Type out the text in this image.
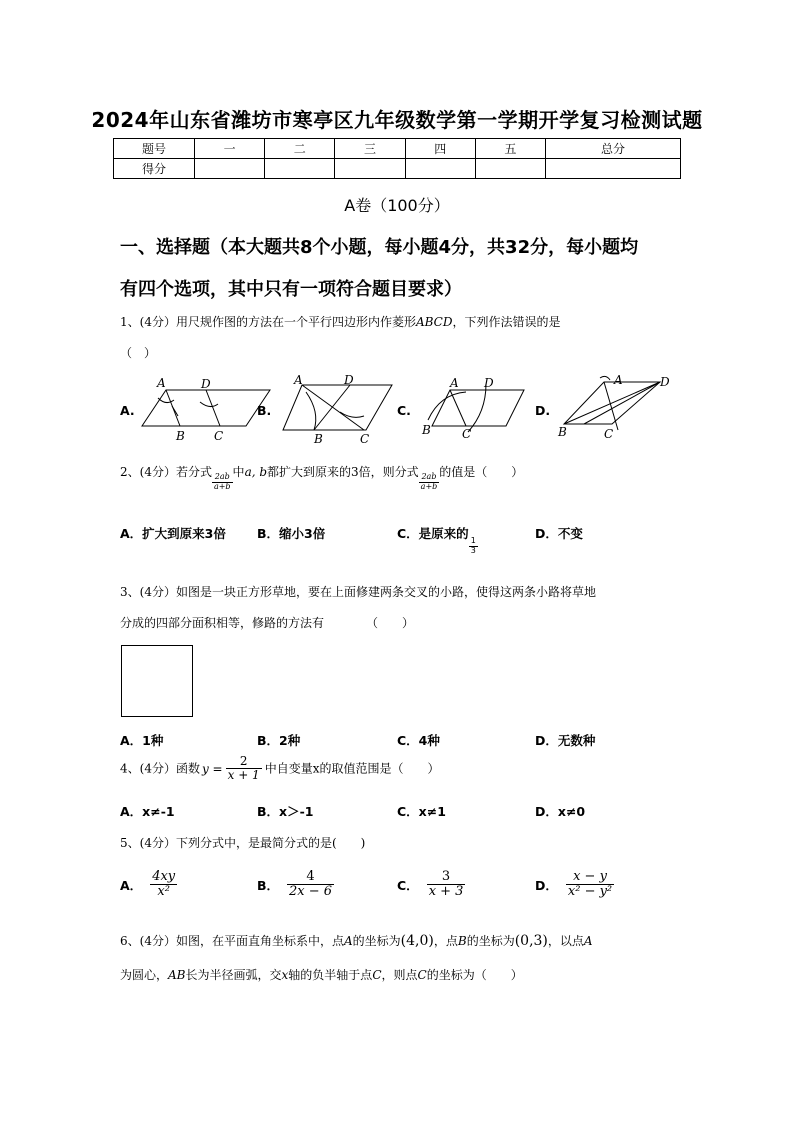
2024年山东省潍坊市寒亭区九年级数学第一学期开学复习检测试题
题号	一	二	三	四	五	总分
得分						
A卷（100分）
一、选择题（本大题共8个小题，每小题4分，共32分，每小题均
有四个选项，其中只有一项符合题目要求）
1、(4分）用尺规作图的方法在一个平行四边形内作菱形ABCD，下列作法错误的是
（　）
A.	B.	C.	D.
A	D
B C
A	D
B	C
A D
B	C
A	D
B	C
2、(4分）若分式
$\frac{2ab}{a+b}$
中a, b都扩大到原来的3倍，则分式
$\frac{2ab}{a+b}$
的值是（　　）
A．扩大到原来3倍 B．缩小3倍	C．是原来的
$\frac{1}{3}$
D．不变
3、(4分）如图是一块正方形草地，要在上面修建两条交叉的小路，使得这两条小路将草地
分成的四部分面积相等，修路的方法有	（　　）
A．1种	B．2种	C．4种	D．无数种
4、(4分）函数 $y = \frac{2}{x + 1}$ 中自变量x的取值范围是（　　）
A．x≠-1	B．x＞-1	C．x≠1	D．x≠0
5、(4分）下列分式中，是最简分式的是(　　)
A． $\frac{4xy}{\text{x²}}$	B． $\frac{4}{2x - 6}$	C． $\frac{3}{x + 3}$	D． $\frac{x - y}{\text{x² − y²}}$
6、(4分）如图，在平面直角坐标系中，点A的坐标为(4,0)，点B的坐标为(0,3)，以点A
为圆心，AB长为半径画弧，交x轴的负半轴于点C，则点C的坐标为（　　）
